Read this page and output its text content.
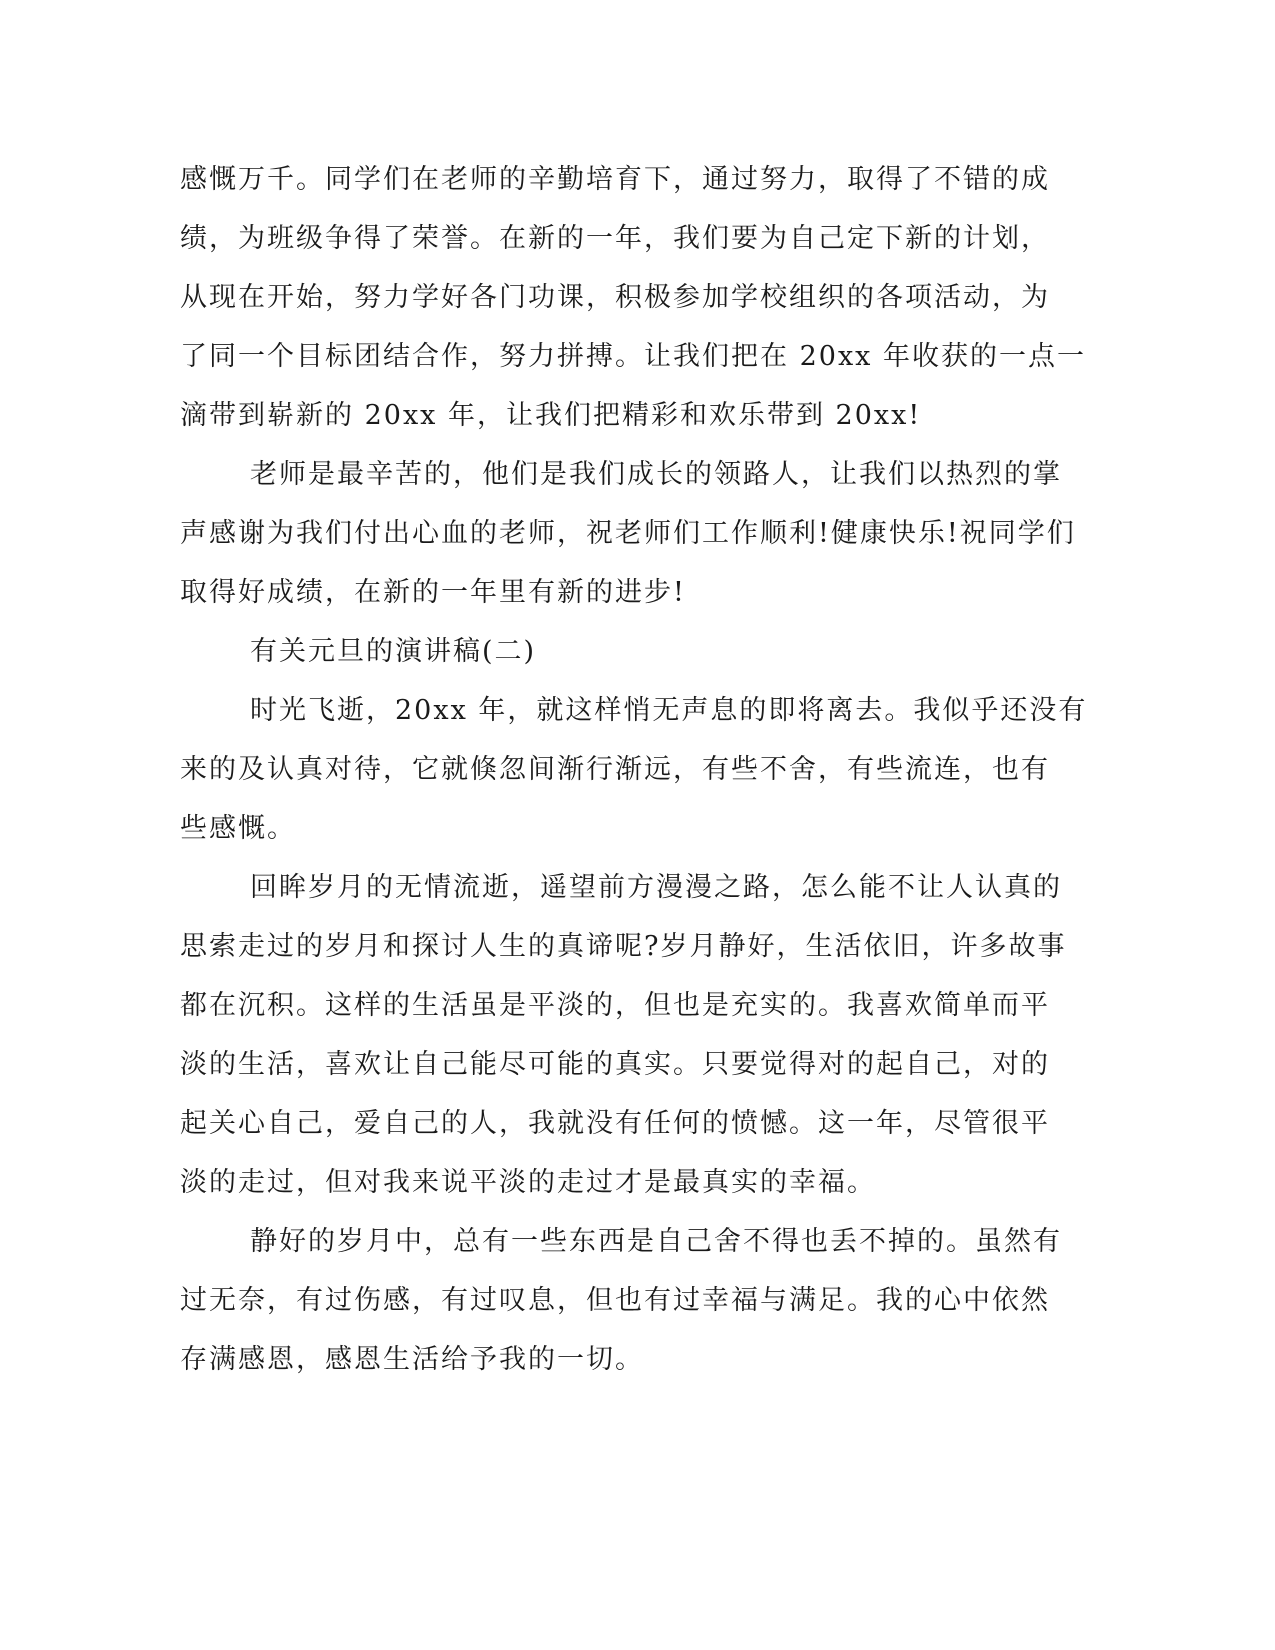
感慨万千。同学们在老师的辛勤培育下，通过努力，取得了不错的成
绩，为班级争得了荣誉。在新的一年，我们要为自己定下新的计划，
从现在开始，努力学好各门功课，积极参加学校组织的各项活动，为
了同一个目标团结合作，努力拼搏。让我们把在 20xx 年收获的一点一
滴带到崭新的 20xx 年，让我们把精彩和欢乐带到 20xx!
老师是最辛苦的，他们是我们成长的领路人，让我们以热烈的掌
声感谢为我们付出心血的老师，祝老师们工作顺利!健康快乐!祝同学们
取得好成绩，在新的一年里有新的进步!
有关元旦的演讲稿(二)
时光飞逝，20xx 年，就这样悄无声息的即将离去。我似乎还没有
来的及认真对待，它就倏忽间渐行渐远，有些不舍，有些流连，也有
些感慨。
回眸岁月的无情流逝，遥望前方漫漫之路，怎么能不让人认真的
思索走过的岁月和探讨人生的真谛呢?岁月静好，生活依旧，许多故事
都在沉积。这样的生活虽是平淡的，但也是充实的。我喜欢简单而平
淡的生活，喜欢让自己能尽可能的真实。只要觉得对的起自己，对的
起关心自己，爱自己的人，我就没有任何的愤憾。这一年，尽管很平
淡的走过，但对我来说平淡的走过才是最真实的幸福。
静好的岁月中，总有一些东西是自己舍不得也丢不掉的。虽然有
过无奈，有过伤感，有过叹息，但也有过幸福与满足。我的心中依然
存满感恩，感恩生活给予我的一切。
